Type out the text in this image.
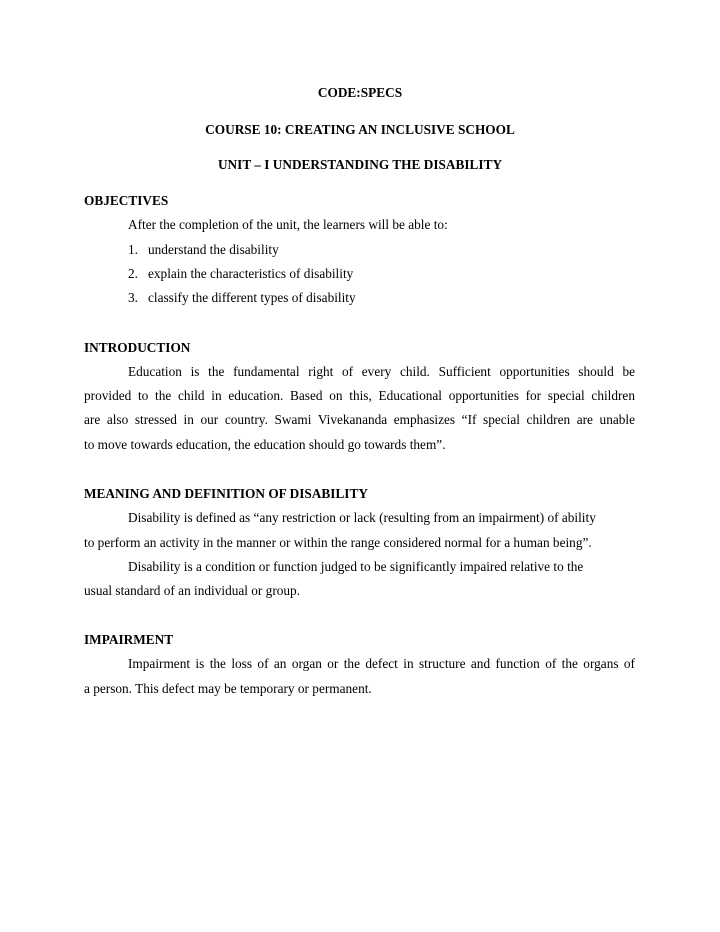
CODE:SPECS
COURSE 10: CREATING AN INCLUSIVE SCHOOL
UNIT – I UNDERSTANDING THE DISABILITY
OBJECTIVES
After the completion of the unit, the learners will be able to:
1. understand the disability
2. explain the characteristics of disability
3. classify the different types of disability
INTRODUCTION
Education is the fundamental right of every child. Sufficient opportunities should be
provided to the child in education. Based on this, Educational opportunities for special children
are also stressed in our country. Swami Vivekananda emphasizes “If special children are unable
to move towards education, the education should go towards them”.
MEANING AND DEFINITION OF DISABILITY
Disability is defined as “any restriction or lack (resulting from an impairment) of ability
to perform an activity in the manner or within the range considered normal for a human being”.
Disability is a condition or function judged to be significantly impaired relative to the
usual standard of an individual or group.
IMPAIRMENT
Impairment is the loss of an organ or the defect in structure and function of the organs of
a person. This defect may be temporary or permanent.
